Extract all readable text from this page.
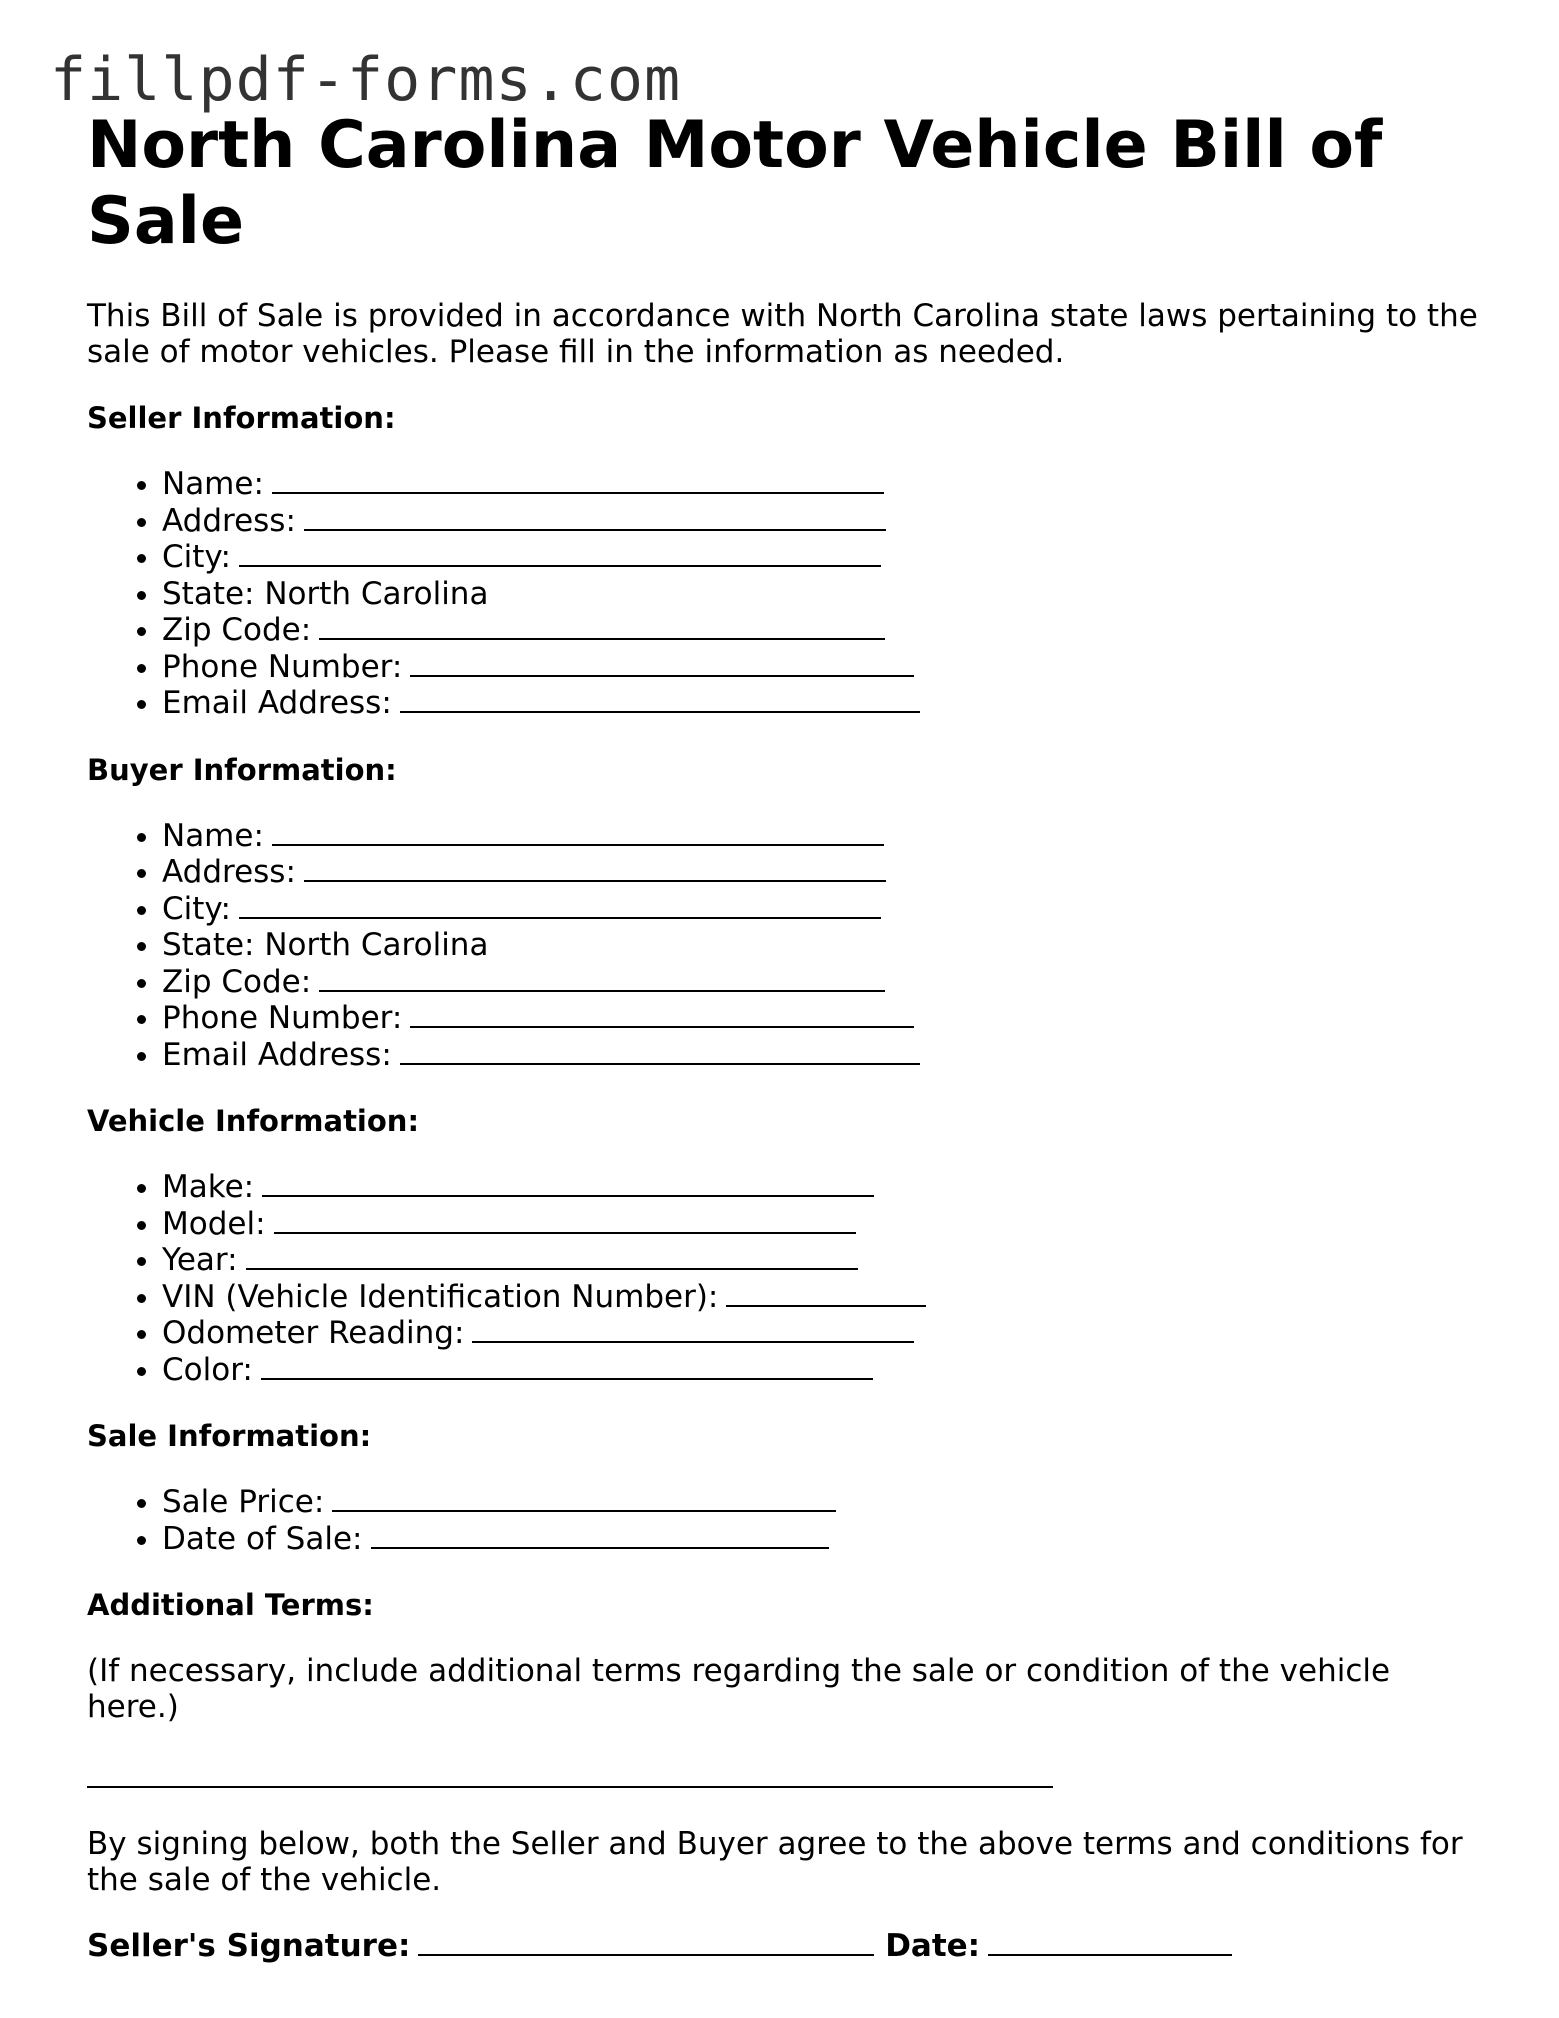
fillpdf-forms.com
North Carolina Motor Vehicle Bill of Sale

This Bill of Sale is provided in accordance with North Carolina state laws pertaining to the sale of motor vehicles. Please fill in the information as needed.

Seller Information:

• Name:
• Address:
• City:
• State: North Carolina
• Zip Code:
• Phone Number:
• Email Address:

Buyer Information:

• Name:
• Address:
• City:
• State: North Carolina
• Zip Code:
• Phone Number:
• Email Address:

Vehicle Information:

• Make:
• Model:
• Year:
• VIN (Vehicle Identification Number):
• Odometer Reading:
• Color:

Sale Information:

• Sale Price:
• Date of Sale:

Additional Terms:

(If necessary, include additional terms regarding the sale or condition of the vehicle here.)

By signing below, both the Seller and Buyer agree to the above terms and conditions for the sale of the vehicle.

Seller's Signature:	Date:
